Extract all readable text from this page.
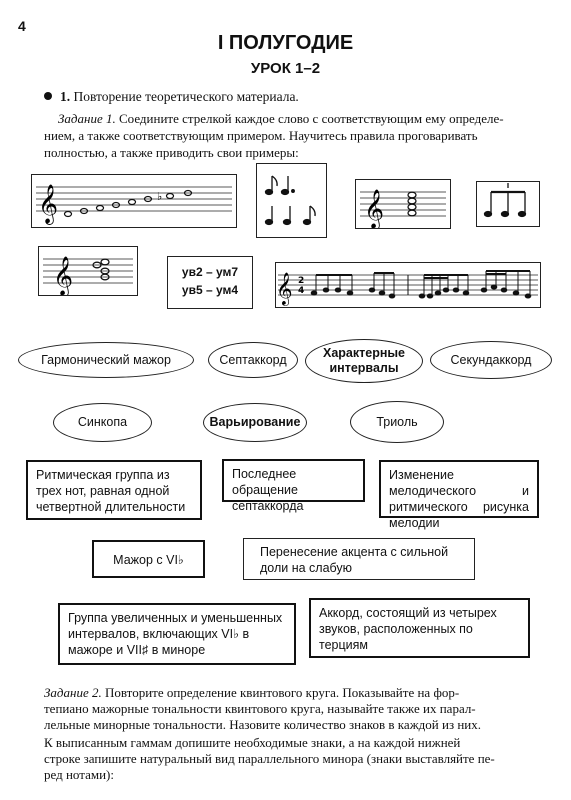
4
I ПОЛУГОДИЕ
УРОК 1–2
1. Повторение теоретического материала.
Задание 1. Соедините стрелкой каждое слово с соответствующим ему определе-
нием, а также соответствующим примером. Научитесь правила проговаривать
полностью, а также приводить свои примеры:
𝄞	♭	𝄞
𝄞	ув2 – ум7
ув5 – ум4	𝄞 2
4
Гармонический мажор	Септаккорд	Характерные интервалы
Секундаккорд
Синкопа	Варьирование	Триоль
Ритмическая группа из трех нот, равная одной четвертной длительности
Последнее обращение септаккорда
Изменение мелодического и ритмического рисунка мелодии
Мажор с VI♭
Перенесение акцента с сильной доли на слабую
Группа увеличенных и уменьшенных интервалов, включающих VI♭ в мажоре и VII♯ в миноре
Аккорд, состоящий из четырех звуков, расположенных по терциям
Задание 2. Повторите определение квинтового круга. Показывайте на фор-
тепиано мажорные тональности квинтового круга, называйте также их парал-
лельные минорные тональности. Назовите количество знаков в каждой из них.
К выписанным гаммам допишите необходимые знаки, а на каждой нижней
строке запишите натуральный вид параллельного минора (знаки выставляйте пе-
ред нотами):
